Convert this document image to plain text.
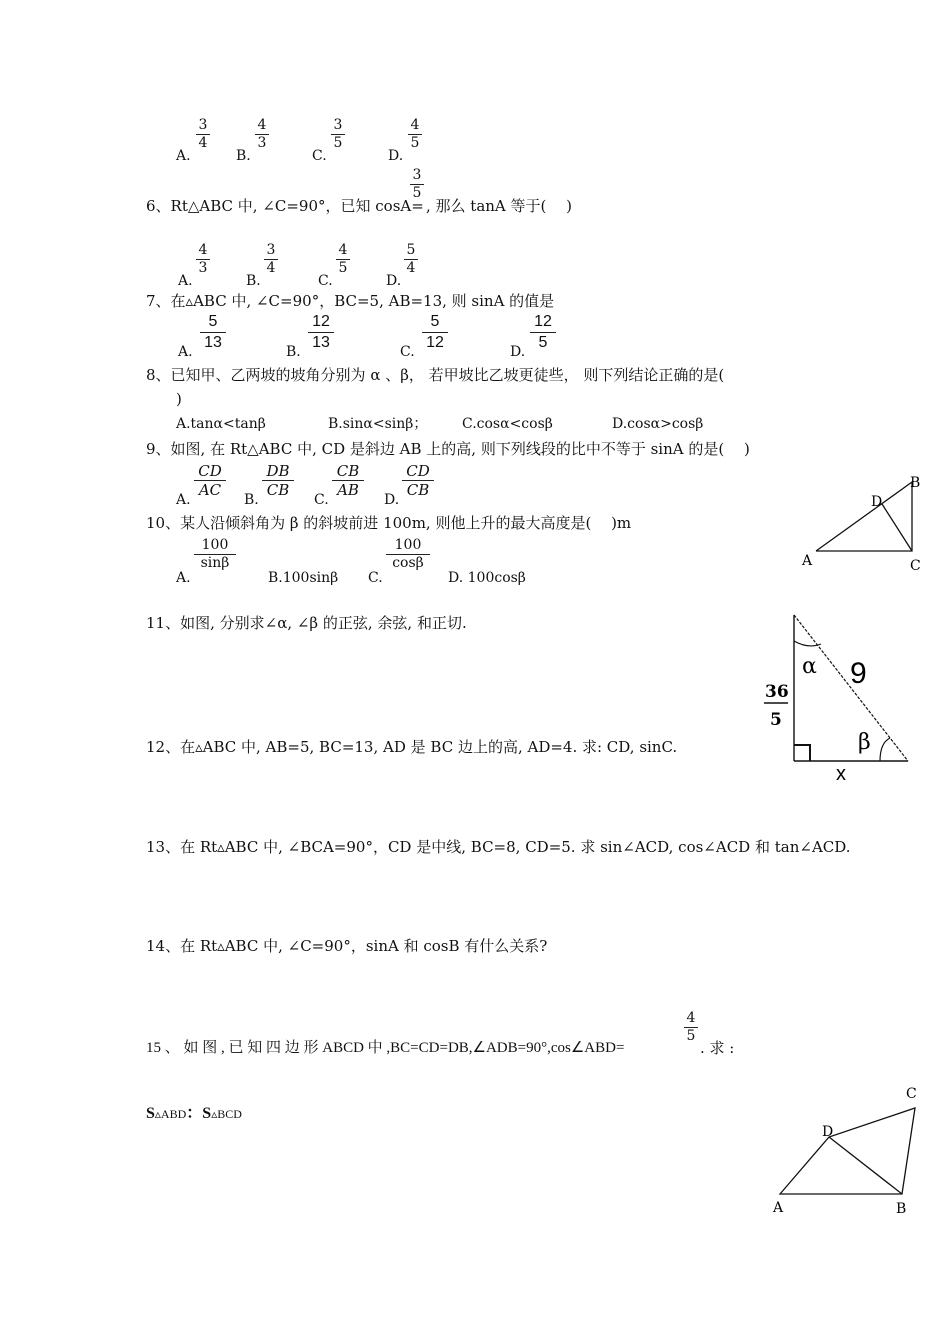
A.
3
4
B.
4
3
C.
3
5
D.
4
5
6、Rt△ABC 中, ∠C=90°，已知 cosA=
3
5
, 那么 tanA 等于(　 )
A.
4
3
B.
3
4
C.
4
5
D.
5
4
7、在▵ABC 中, ∠C=90°，BC=5, AB=13, 则 sinA 的值是
A.
5
13
B.
12
13
C.
5
12
D.
12
5
8、已知甲、乙两坡的坡角分别为 α 、β， 若甲坡比乙坡更徒些， 则下列结论正确的是(
)
A.tanα<tanβ	B.sinα<sinβ； C.cosα<cosβ	D.cosα>cosβ
9、如图, 在 Rt△ABC 中, CD 是斜边 AB 上的高, 则下列线段的比中不等于 sinA 的是(　 )
A.
CD
AC
B.
DB
CB
C.
CB
AB
D.
CD
CB
A
B
C
D
10、某人沿倾斜角为 β 的斜坡前进 100m, 则他上升的最大高度是(　 )m
A.
100
sinβ
B.100sinβ C.
100
cosβ
D. 100cosβ
11、如图, 分别求∠α, ∠β 的正弦, 余弦, 和正切.
α
β
9
36
5
x
12、在▵ABC 中, AB=5, BC=13, AD 是 BC 边上的高, AD=4. 求: CD, sinC.
13、在 Rt▵ABC 中, ∠BCA=90°，CD 是中线, BC=8, CD=5. 求 sin∠ACD, cos∠ACD 和 tan∠ACD.
14、在 Rt▵ABC 中, ∠C=90°，sinA 和 cosB 有什么关系?
15 、 如 图 , 已 知 四 边 形 ABCD 中 ,BC=CD=DB,∠ADB=90°,cos∠ABD=
4
5
. 求 :
S▵ABD：S▵BCD
A	B
C
D
